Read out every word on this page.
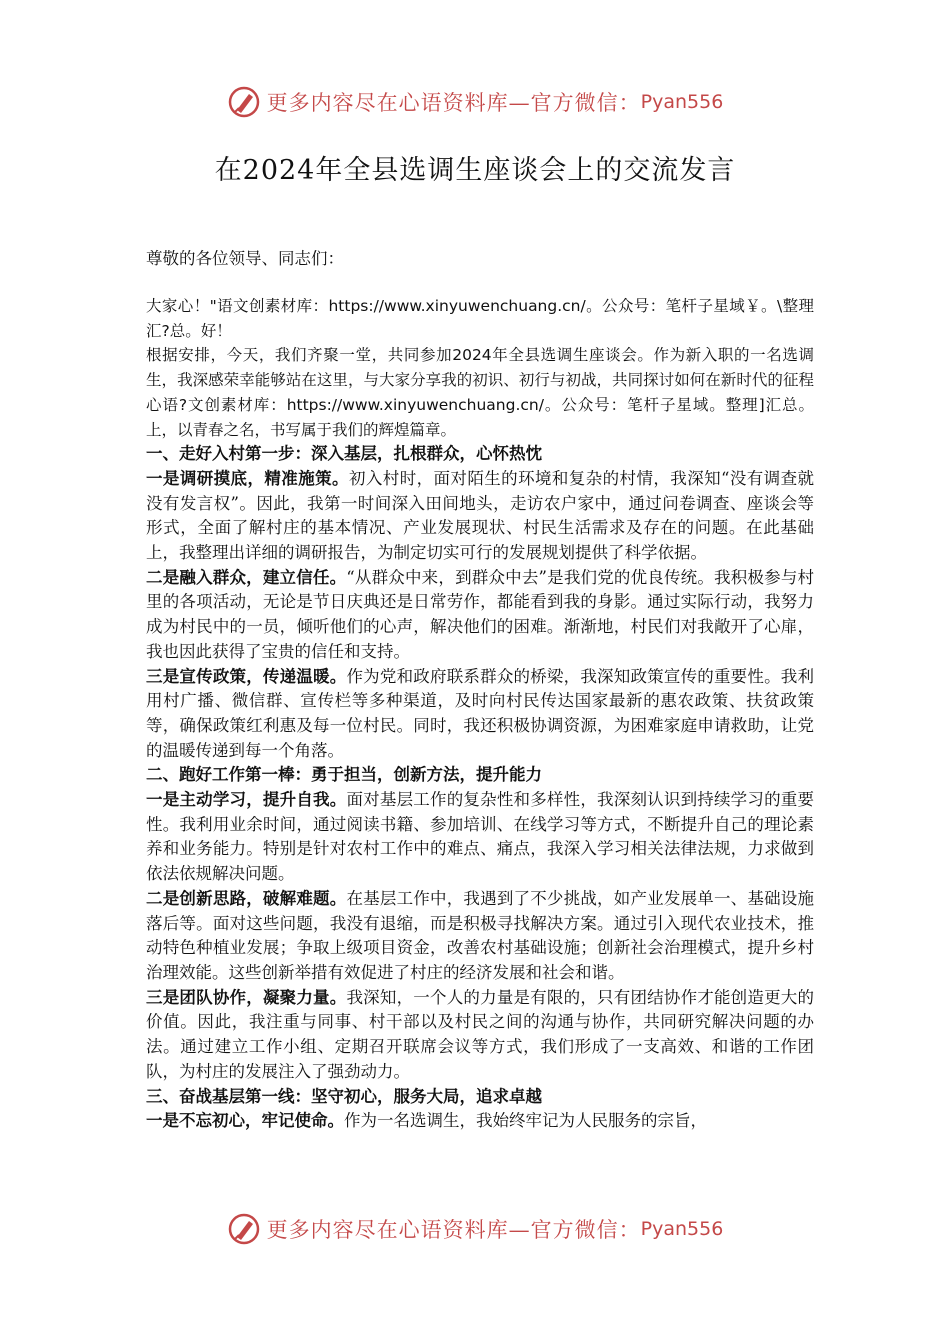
更多内容尽在心语资料库—官方微信： Pyan556
在2024年全县选调生座谈会上的交流发言

尊敬的各位领导、同志们：

大家心！"语文创素材库：https://www.xinyuwenchuang.cn/。公众号：笔杆子星域￥。\整理汇?总。好！

根据安排，今天，我们齐聚一堂，共同参加2024年全县选调生座谈会。作为新入职的一名选调生，我深感荣幸能够站在这里，与大家分享我的初识、初行与初战，共同探讨如何在新时代的征程心语?文创素材库：https://www.xinyuwenchuang.cn/。公众号：笔杆子星域。整理]汇总。上，以青春之名，书写属于我们的辉煌篇章。

一、走好入村第一步：深入基层，扎根群众，心怀热忱

一是调研摸底，精准施策。初入村时，面对陌生的环境和复杂的村情，我深知“没有调查就没有发言权”。因此，我第一时间深入田间地头，走访农户家中，通过问卷调查、座谈会等形式，全面了解村庄的基本情况、产业发展现状、村民生活需求及存在的问题。在此基础上，我整理出详细的调研报告，为制定切实可行的发展规划提供了科学依据。

二是融入群众，建立信任。“从群众中来，到群众中去”是我们党的优良传统。我积极参与村里的各项活动，无论是节日庆典还是日常劳作，都能看到我的身影。通过实际行动，我努力成为村民中的一员，倾听他们的心声，解决他们的困难。渐渐地，村民们对我敞开了心扉，我也因此获得了宝贵的信任和支持。

三是宣传政策，传递温暖。作为党和政府联系群众的桥梁，我深知政策宣传的重要性。我利用村广播、微信群、宣传栏等多种渠道，及时向村民传达国家最新的惠农政策、扶贫政策等，确保政策红利惠及每一位村民。同时，我还积极协调资源，为困难家庭申请救助，让党的温暖传递到每一个角落。

二、跑好工作第一棒：勇于担当，创新方法，提升能力

一是主动学习，提升自我。面对基层工作的复杂性和多样性，我深刻认识到持续学习的重要性。我利用业余时间，通过阅读书籍、参加培训、在线学习等方式，不断提升自己的理论素养和业务能力。特别是针对农村工作中的难点、痛点，我深入学习相关法律法规，力求做到依法依规解决问题。

二是创新思路，破解难题。在基层工作中，我遇到了不少挑战，如产业发展单一、基础设施落后等。面对这些问题，我没有退缩，而是积极寻找解决方案。通过引入现代农业技术，推动特色种植业发展；争取上级项目资金，改善农村基础设施；创新社会治理模式，提升乡村治理效能。这些创新举措有效促进了村庄的经济发展和社会和谐。

三是团队协作，凝聚力量。我深知，一个人的力量是有限的，只有团结协作才能创造更大的价值。因此，我注重与同事、村干部以及村民之间的沟通与协作，共同研究解决问题的办法。通过建立工作小组、定期召开联席会议等方式，我们形成了一支高效、和谐的工作团队，为村庄的发展注入了强劲动力。

三、奋战基层第一线：坚守初心，服务大局，追求卓越

一是不忘初心，牢记使命。作为一名选调生，我始终牢记为人民服务的宗旨，

更多内容尽在心语资料库—官方微信： Pyan556
